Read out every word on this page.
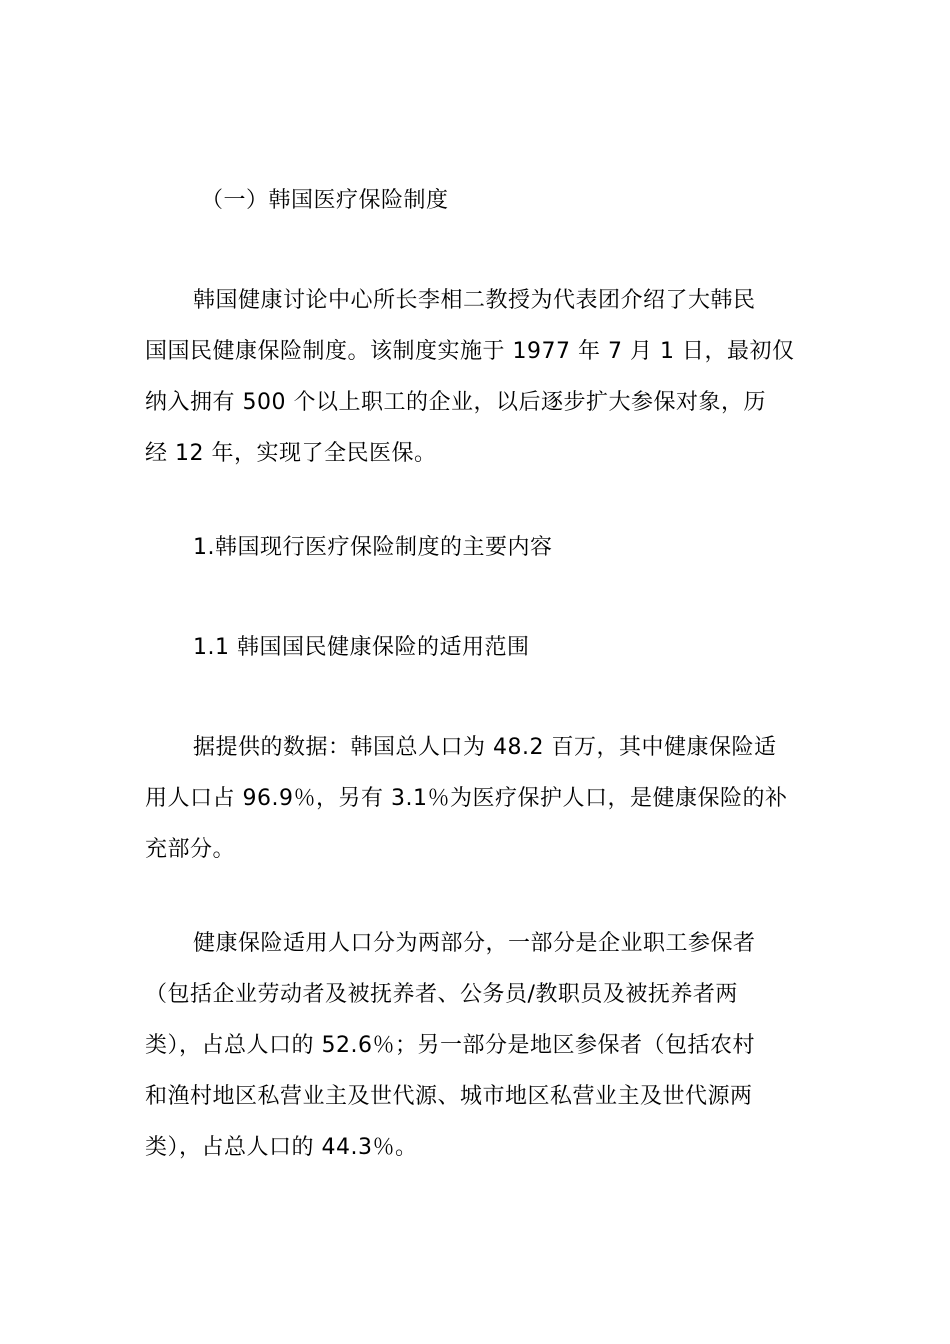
（一）韩国医疗保险制度

韩国健康讨论中心所长李相二教授为代表团介绍了大韩民
国国民健康保险制度。该制度实施于 1977 年 7 月 1 日，最初仅
纳入拥有 500 个以上职工的企业，以后逐步扩大参保对象，历
经 12 年，实现了全民医保。

1.韩国现行医疗保险制度的主要内容

1.1 韩国国民健康保险的适用范围

据提供的数据：韩国总人口为 48.2 百万，其中健康保险适
用人口占 96.9％，另有 3.1％为医疗保护人口，是健康保险的补
充部分。

健康保险适用人口分为两部分，一部分是企业职工参保者
（包括企业劳动者及被抚养者、公务员/教职员及被抚养者两
类），占总人口的 52.6％；另一部分是地区参保者（包括农村
和渔村地区私营业主及世代源、城市地区私营业主及世代源两
类），占总人口的 44.3％。
